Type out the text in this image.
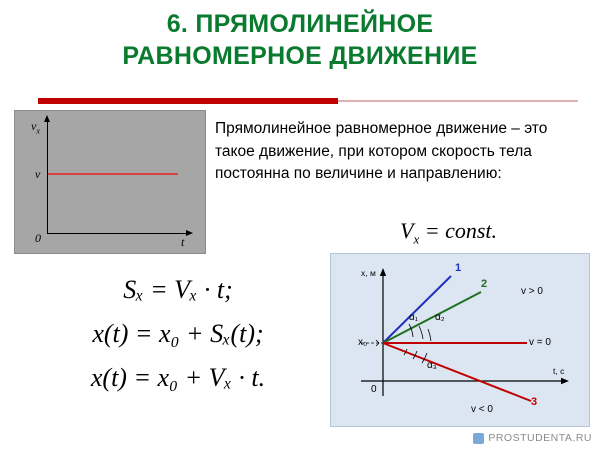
6. ПРЯМОЛИНЕЙНОЕ
РАВНОМЕРНОЕ ДВИЖЕНИЕ
$v_x$
v
t
0
Прямолинейное равномерное движение – это такое движение, при котором скорость тела постоянна по величине и направлению:
$V_x$ = const.
Sₓ = Vₓ · t;
x(t) = x₀ + Sₓ(t);
x(t) = x₀ + Vₓ · t.
x, м
t, c
0
x₀
1
2
3
α₁ α₂
α₃
v > 0
v = 0
v < 0
PROSTUDENTA.RU
